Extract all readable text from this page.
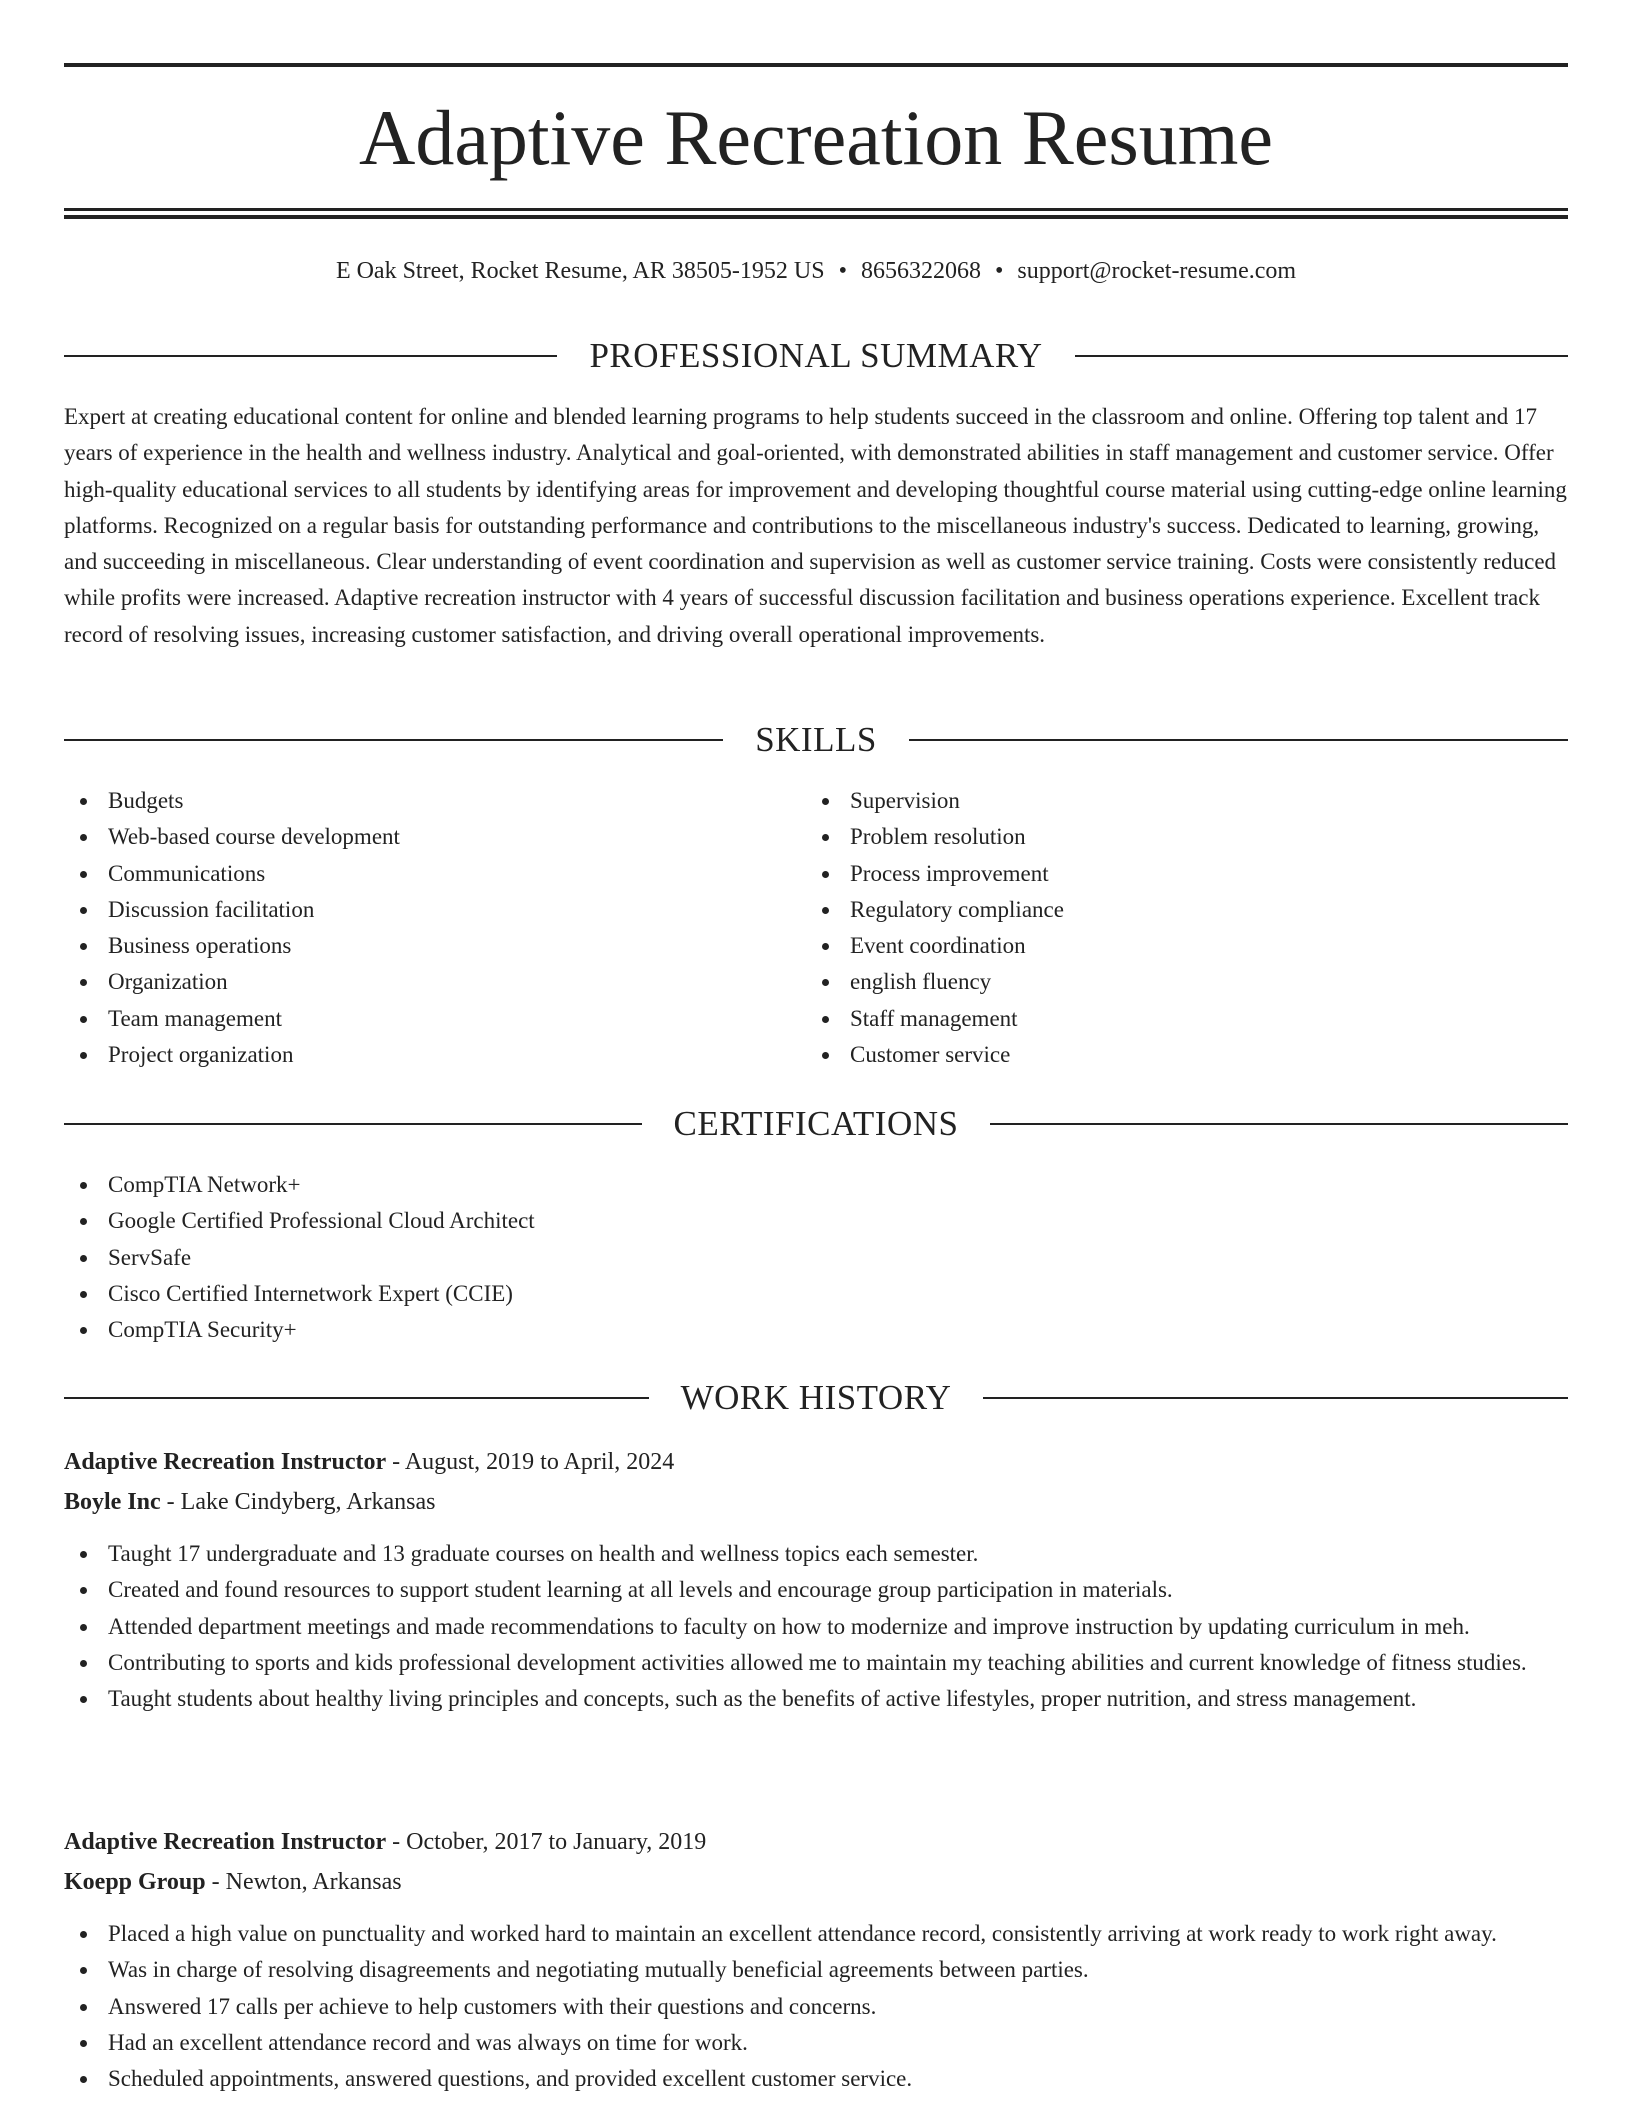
Adaptive Recreation Resume
E Oak Street, Rocket Resume, AR 38505-1952 US • 8656322068 • support@rocket-resume.com
PROFESSIONAL SUMMARY

Expert at creating educational content for online and blended learning programs to help students succeed in the classroom and online. Offering top talent and 17 years of experience in the health and wellness industry. Analytical and goal-oriented, with demonstrated abilities in staff management and customer service. Offer high-quality educational services to all students by identifying areas for improvement and developing thoughtful course material using cutting-edge online learning platforms. Recognized on a regular basis for outstanding performance and contributions to the miscellaneous industry's success. Dedicated to learning, growing, and succeeding in miscellaneous. Clear understanding of event coordination and supervision as well as customer service training. Costs were consistently reduced while profits were increased. Adaptive recreation instructor with 4 years of successful discussion facilitation and business operations experience. Excellent track record of resolving issues, increasing customer satisfaction, and driving overall operational improvements.

SKILLS
Budgets
Web-based course development
Communications
Discussion facilitation
Business operations
Organization
Team management
Project organization
Supervision
Problem resolution
Process improvement
Regulatory compliance
Event coordination
english fluency
Staff management
Customer service
CERTIFICATIONS
CompTIA Network+
Google Certified Professional Cloud Architect
ServSafe
Cisco Certified Internetwork Expert (CCIE)
CompTIA Security+
WORK HISTORY
Adaptive Recreation Instructor - August, 2019 to April, 2024
Boyle Inc - Lake Cindyberg, Arkansas
Taught 17 undergraduate and 13 graduate courses on health and wellness topics each semester.
Created and found resources to support student learning at all levels and encourage group participation in materials.
Attended department meetings and made recommendations to faculty on how to modernize and improve instruction by updating curriculum in meh.
Contributing to sports and kids professional development activities allowed me to maintain my teaching abilities and current knowledge of fitness studies.
Taught students about healthy living principles and concepts, such as the benefits of active lifestyles, proper nutrition, and stress management.
Adaptive Recreation Instructor - October, 2017 to January, 2019
Koepp Group - Newton, Arkansas
Placed a high value on punctuality and worked hard to maintain an excellent attendance record, consistently arriving at work ready to work right away.
Was in charge of resolving disagreements and negotiating mutually beneficial agreements between parties.
Answered 17 calls per achieve to help customers with their questions and concerns.
Had an excellent attendance record and was always on time for work.
Scheduled appointments, answered questions, and provided excellent customer service.
